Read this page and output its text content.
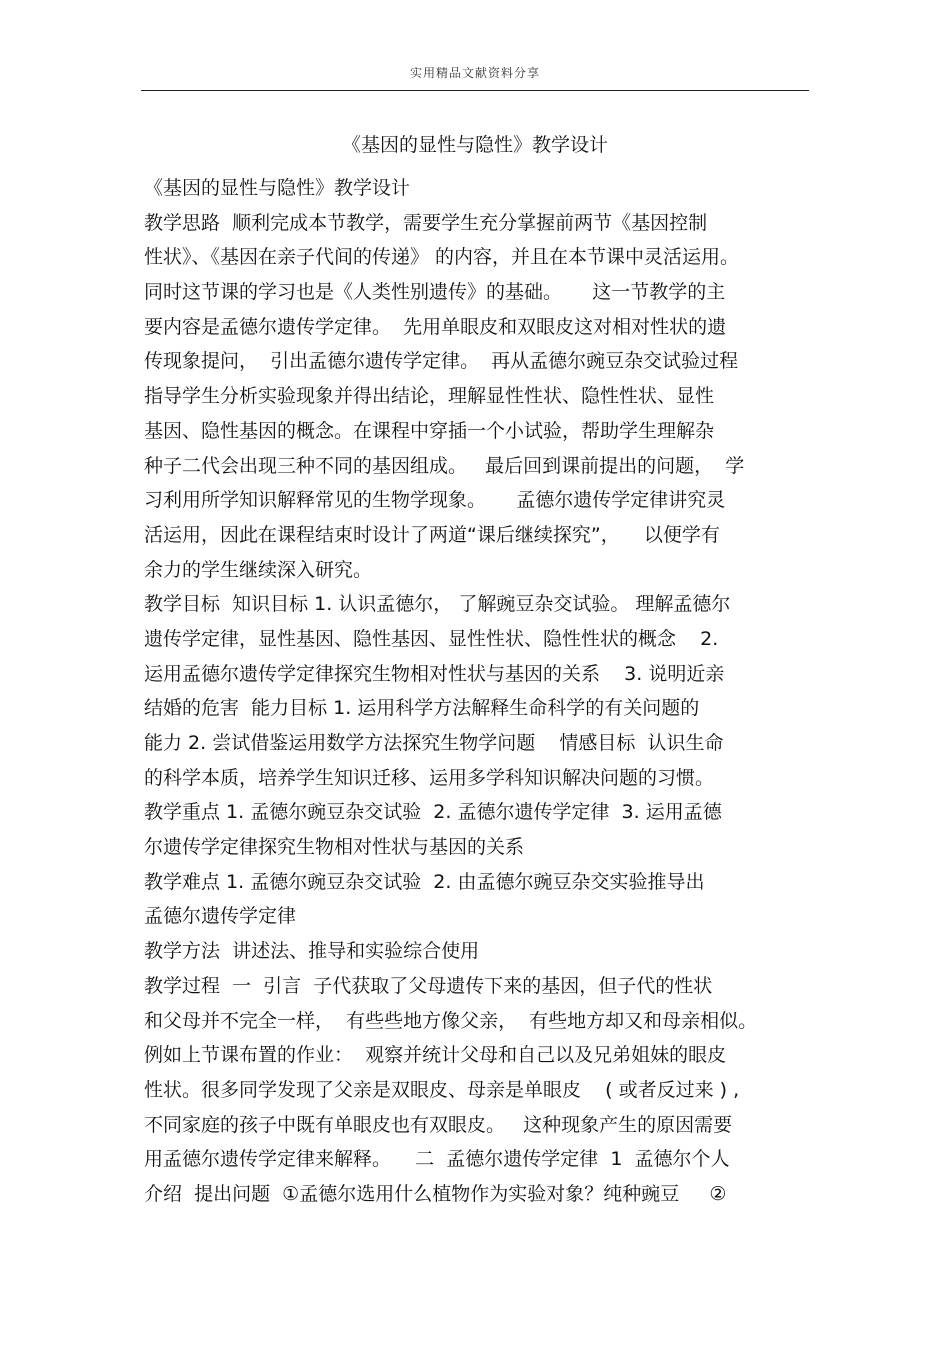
实用精品文献资料分享
《基因的显性与隐性》教学设计
《基因的显性与隐性》教学设计
教学思路  顺利完成本节教学，需要学生充分掌握前两节《基因控制
性状》、《基因在亲子代间的传递》 的内容，并且在本节课中灵活运用。
同时这节课的学习也是《人类性别遗传》的基础。     这一节教学的主
要内容是孟德尔遗传学定律。  先用单眼皮和双眼皮这对相对性状的遗
传现象提问，  引出孟德尔遗传学定律。  再从孟德尔豌豆杂交试验过程
指导学生分析实验现象并得出结论，理解显性性状、隐性性状、显性
基因、隐性基因的概念。在课程中穿插一个小试验，帮助学生理解杂
种子二代会出现三种不同的基因组成。   最后回到课前提出的问题，  学
习利用所学知识解释常见的生物学现象。     孟德尔遗传学定律讲究灵
活运用，因此在课程结束时设计了两道“课后继续探究”，    以便学有
余力的学生继续深入研究。
教学目标  知识目标 1. 认识孟德尔， 了解豌豆杂交试验。 理解孟德尔
遗传学定律，显性基因、隐性基因、显性性状、隐性性状的概念    2.
运用孟德尔遗传学定律探究生物相对性状与基因的关系    3. 说明近亲
结婚的危害  能力目标 1. 运用科学方法解释生命科学的有关问题的
能力 2. 尝试借鉴运用数学方法探究生物学问题    情感目标  认识生命
的科学本质，培养学生知识迁移、运用多学科知识解决问题的习惯。
教学重点 1. 孟德尔豌豆杂交试验  2. 孟德尔遗传学定律  3. 运用孟德
尔遗传学定律探究生物相对性状与基因的关系
教学难点 1. 孟德尔豌豆杂交试验  2. 由孟德尔豌豆杂交实验推导出
孟德尔遗传学定律
教学方法  讲述法、推导和实验综合使用
教学过程  一  引言  子代获取了父母遗传下来的基因，但子代的性状
和父母并不完全一样，  有些些地方像父亲，  有些地方却又和母亲相似。
例如上节课布置的作业：  观察并统计父母和自己以及兄弟姐妹的眼皮
性状。很多同学发现了父亲是双眼皮、母亲是单眼皮    ( 或者反过来 ) ,
不同家庭的孩子中既有单眼皮也有双眼皮。   这种现象产生的原因需要
用孟德尔遗传学定律来解释。    二  孟德尔遗传学定律  1  孟德尔个人
介绍  提出问题  ①孟德尔选用什么植物作为实验对象？纯种豌豆     ②
